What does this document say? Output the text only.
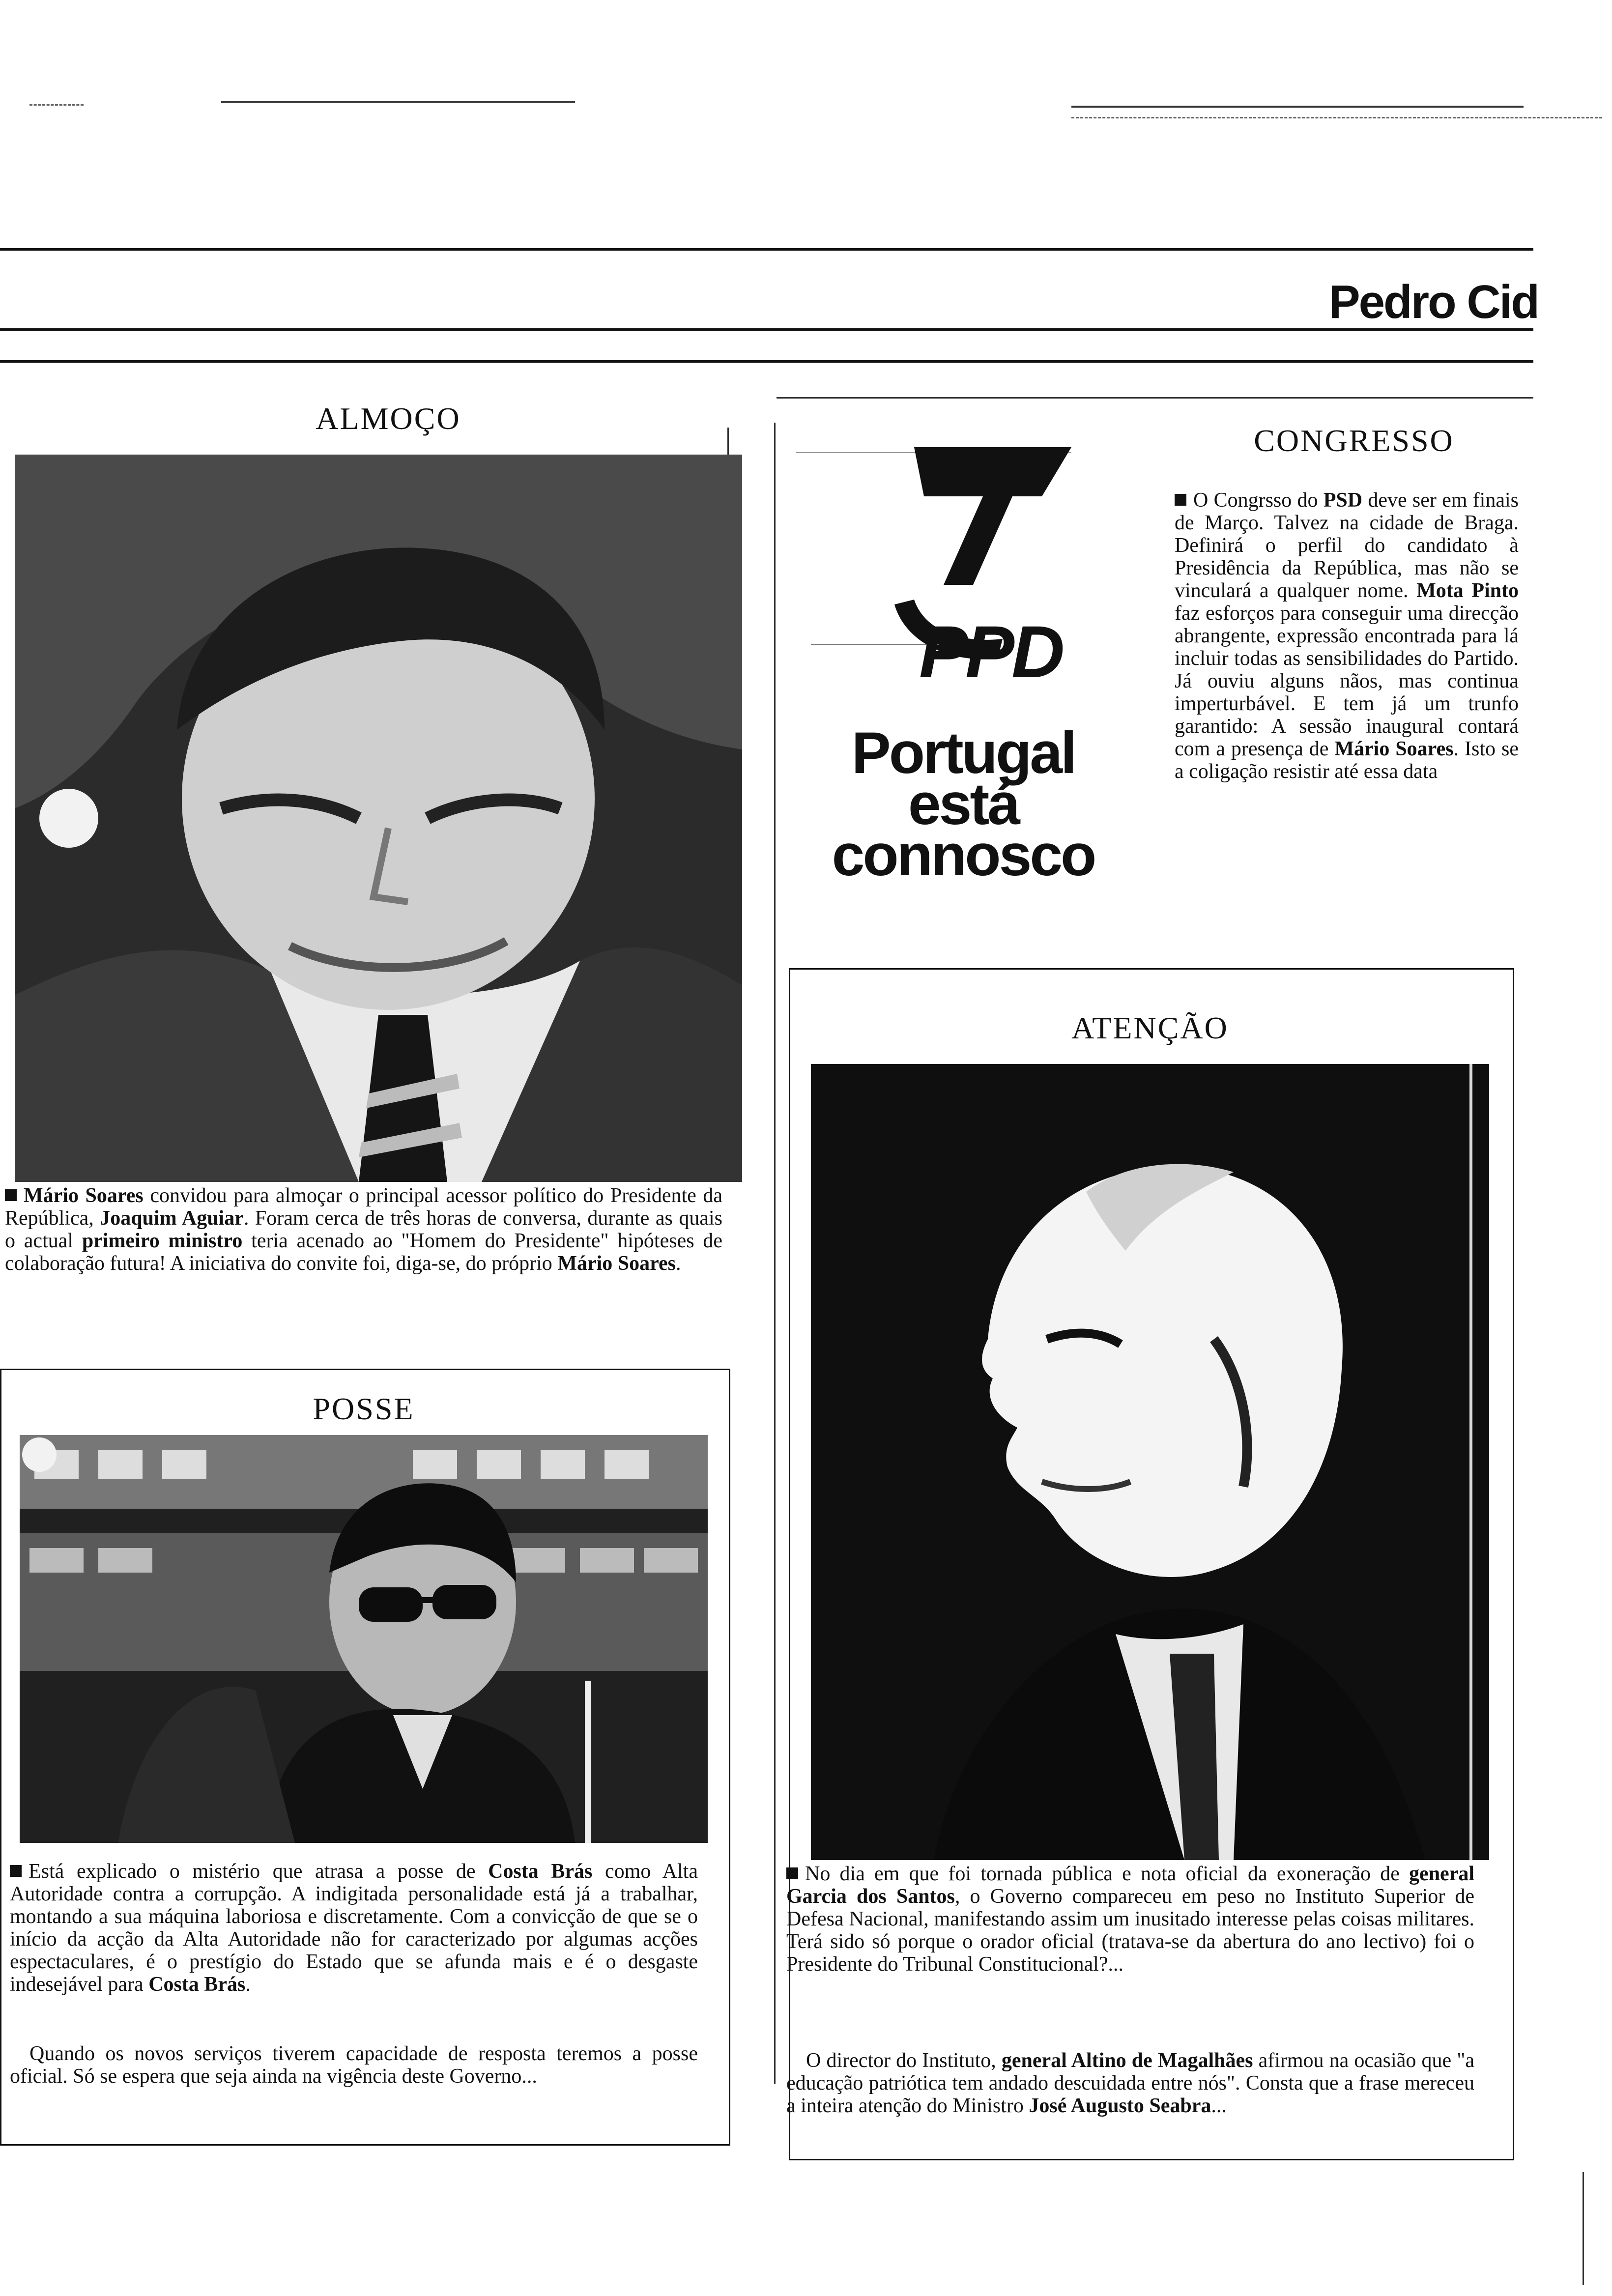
Pedro Cid
ALMOÇO

Mário Soares convidou para almoçar o principal acessor político do Presidente da República, Joaquim Aguiar. Foram cerca de três horas de conversa, durante as quais o actual primeiro ministro teria acenado ao "Homem do Presidente" hipóteses de colaboração futura! A iniciativa do convite foi, diga-se, do próprio Mário Soares.

PPD
Portugal
está
connosco
CONGRESSO

O Congrsso do PSD deve ser em finais de Março. Talvez na cidade de Braga. Definirá o perfil do candidato à Presidência da República, mas não se vinculará a qualquer nome. Mota Pinto faz esforços para conseguir uma direcção abrangente, expressão encontrada para lá incluir todas as sensibilidades do Partido. Já ouviu alguns nãos, mas continua imperturbável. E tem já um trunfo garantido: A sessão inaugural contará com a presença de Mário Soares. Isto se a coligação resistir até essa data

POSSE

Está explicado o mistério que atrasa a posse de Costa Brás como Alta Autoridade contra a corrupção. A indigitada personalidade está já a trabalhar, montando a sua máquina laboriosa e discretamente. Com a convicção de que se o início da acção da Alta Autoridade não for caracterizado por algumas acções espectaculares, é o prestígio do Estado que se afunda mais e é o desgaste indesejável para Costa Brás.

Quando os novos serviços tiverem capacidade de resposta teremos a posse oficial. Só se espera que seja ainda na vigência deste Governo...

ATENÇÃO

No dia em que foi tornada pública e nota oficial da exoneração de general Garcia dos Santos, o Governo compareceu em peso no Instituto Superior de Defesa Nacional, manifestando assim um inusitado interesse pelas coisas militares. Terá sido só porque o orador oficial (tratava-se da abertura do ano lectivo) foi o Presidente do Tribunal Constitucional?...

O director do Instituto, general Altino de Magalhães afirmou na ocasião que "a educação patriótica tem andado descuidada entre nós". Consta que a frase mereceu a inteira atenção do Ministro José Augusto Seabra...
